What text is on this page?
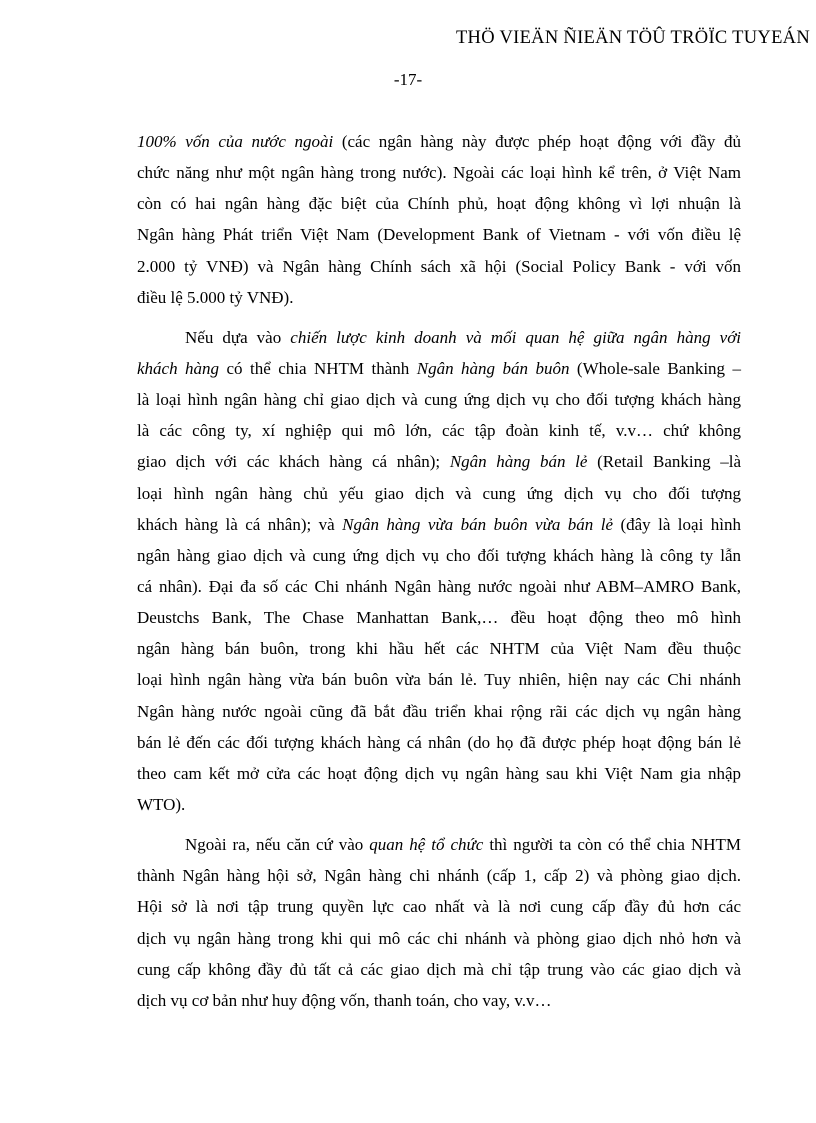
THÖ VIEÄN ÑIEÄN TÖÛ TRÖÏC TUYEÁN
-17-
100% vốn của nước ngoài (các ngân hàng này được phép hoạt động với đầy đủ
chức năng như một ngân hàng trong nước). Ngoài các loại hình kể trên, ở Việt Nam
còn có hai ngân hàng đặc biệt của Chính phủ, hoạt động không vì lợi nhuận là
Ngân hàng Phát triển Việt Nam (Development Bank of Vietnam - với vốn điều lệ
2.000 tỷ VNĐ) và Ngân hàng Chính sách xã hội (Social Policy Bank - với vốn
điều lệ 5.000 tỷ VNĐ).
Nếu dựa vào chiến lược kinh doanh và mối quan hệ giữa ngân hàng với
khách hàng có thể chia NHTM thành Ngân hàng bán buôn (Whole-sale Banking –
là loại hình ngân hàng chỉ giao dịch và cung ứng dịch vụ cho đối tượng khách hàng
là các công ty, xí nghiệp qui mô lớn, các tập đoàn kinh tế, v.v… chứ không
giao dịch với các khách hàng cá nhân); Ngân hàng bán lẻ (Retail Banking –là
loại hình ngân hàng chủ yếu giao dịch và cung ứng dịch vụ cho đối tượng
khách hàng là cá nhân); và Ngân hàng vừa bán buôn vừa bán lẻ (đây là loại hình
ngân hàng giao dịch và cung ứng dịch vụ cho đối tượng khách hàng là công ty lẫn
cá nhân). Đại đa số các Chi nhánh Ngân hàng nước ngoài như ABM–AMRO Bank,
Deustchs Bank, The Chase Manhattan Bank,… đều hoạt động theo mô hình
ngân hàng bán buôn, trong khi hầu hết các NHTM của Việt Nam đều thuộc
loại hình ngân hàng vừa bán buôn vừa bán lẻ. Tuy nhiên, hiện nay các Chi nhánh
Ngân hàng nước ngoài cũng đã bắt đầu triển khai rộng rãi các dịch vụ ngân hàng
bán lẻ đến các đối tượng khách hàng cá nhân (do họ đã được phép hoạt động bán lẻ
theo cam kết mở cửa các hoạt động dịch vụ ngân hàng sau khi Việt Nam gia nhập
WTO).
Ngoài ra, nếu căn cứ vào quan hệ tổ chức thì người ta còn có thể chia NHTM
thành Ngân hàng hội sở, Ngân hàng chi nhánh (cấp 1, cấp 2) và phòng giao dịch.
Hội sở là nơi tập trung quyền lực cao nhất và là nơi cung cấp đầy đủ hơn các
dịch vụ ngân hàng trong khi qui mô các chi nhánh và phòng giao dịch nhỏ hơn và
cung cấp không đầy đủ tất cả các giao dịch mà chỉ tập trung vào các giao dịch và
dịch vụ cơ bản như huy động vốn, thanh toán, cho vay, v.v…
